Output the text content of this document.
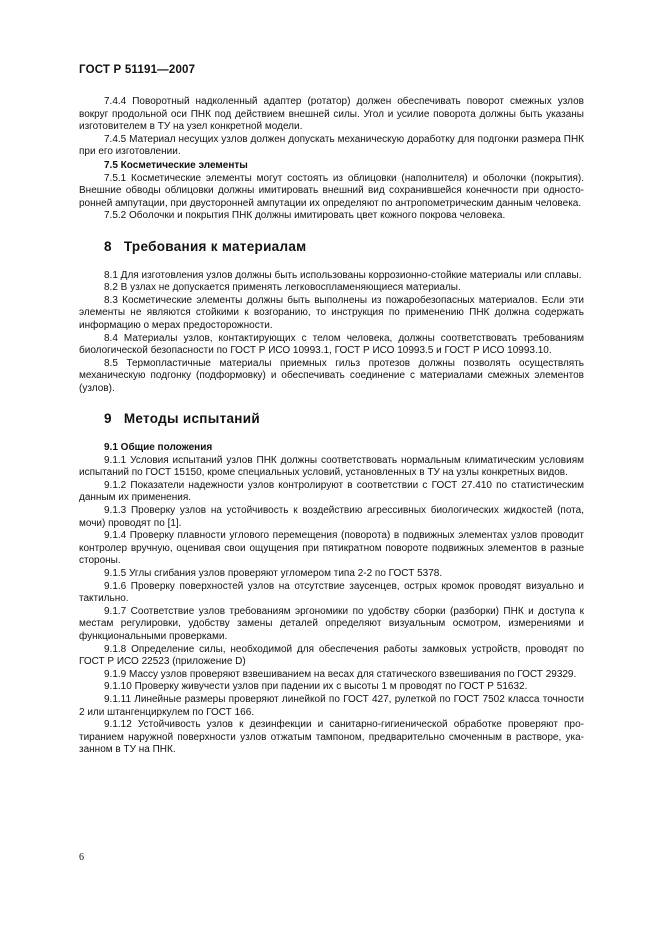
ГОСТ Р 51191—2007

7.4.4 Поворотный надколенный адаптер (ротатор) должен обеспечивать поворот смежных узлов вокруг продольной оси ПНК под действием внешней силы. Угол и усилие поворота должны быть указаны изготовителем в ТУ на узел конкретной модели.

7.4.5 Материал несущих узлов должен допускать механическую доработку для подгонки размера ПНК при его изготовлении.

7.5 Косметические элементы

7.5.1 Косметические элементы могут состоять из облицовки (наполнителя) и оболочки (покрытия). Внешние обводы облицовки должны имитировать внешний вид сохранившейся конечности при односторонней ампутации, при двусторонней ампутации их определяют по антропометрическим данным человека.

7.5.2 Оболочки и покрытия ПНК должны имитировать цвет кожного покрова человека.

8 Требования к материалам

8.1 Для изготовления узлов должны быть использованы коррозионно-стойкие материалы или сплавы.

8.2 В узлах не допускается применять легковоспламеняющиеся материалы.

8.3 Косметические элементы должны быть выполнены из пожаробезопасных материалов. Если эти элементы не являются стойкими к возгоранию, то инструкция по применению ПНК должна содержать информацию о мерах предосторожности.

8.4 Материалы узлов, контактирующих с телом человека, должны соответствовать требованиям биологической безопасности по ГОСТ Р ИСО 10993.1, ГОСТ Р ИСО 10993.5 и ГОСТ Р ИСО 10993.10.

8.5 Термопластичные материалы приемных гильз протезов должны позволять осуществлять механическую подгонку (подформовку) и обеспечивать соединение с материалами смежных элементов (узлов).

9 Методы испытаний
9.1 Общие положения

9.1.1 Условия испытаний узлов ПНК должны соответствовать нормальным климатическим условиям испытаний по ГОСТ 15150, кроме специальных условий, установленных в ТУ на узлы конкретных видов.

9.1.2 Показатели надежности узлов контролируют в соответствии с ГОСТ 27.410 по статистическим данным их применения.

9.1.3 Проверку узлов на устойчивость к воздействию агрессивных биологических жидкостей (пота, мочи) проводят по [1].

9.1.4 Проверку плавности углового перемещения (поворота) в подвижных элементах узлов проводит контролер вручную, оценивая свои ощущения при пятикратном повороте подвижных элементов в разные стороны.

9.1.5 Углы сгибания узлов проверяют угломером типа 2-2 по ГОСТ 5378.

9.1.6 Проверку поверхностей узлов на отсутствие заусенцев, острых кромок проводят визуально и тактильно.

9.1.7 Соответствие узлов требованиям эргономики по удобству сборки (разборки) ПНК и доступа к местам регулировки, удобству замены деталей определяют визуальным осмотром, измерениями и функциональными проверками.

9.1.8 Определение силы, необходимой для обеспечения работы замковых устройств, проводят по ГОСТ Р ИСО 22523 (приложение D)

9.1.9 Массу узлов проверяют взвешиванием на весах для статического взвешивания по ГОСТ 29329.

9.1.10 Проверку живучести узлов при падении их с высоты 1 м проводят по ГОСТ Р 51632.

9.1.11 Линейные размеры проверяют линейкой по ГОСТ 427, рулеткой по ГОСТ 7502 класса точности 2 или штангенциркулем по ГОСТ 166.

9.1.12 Устойчивость узлов к дезинфекции и санитарно-гигиенической обработке проверяют протиранием наружной поверхности узлов отжатым тампоном, предварительно смоченным в растворе, указанном в ТУ на ПНК.

6
